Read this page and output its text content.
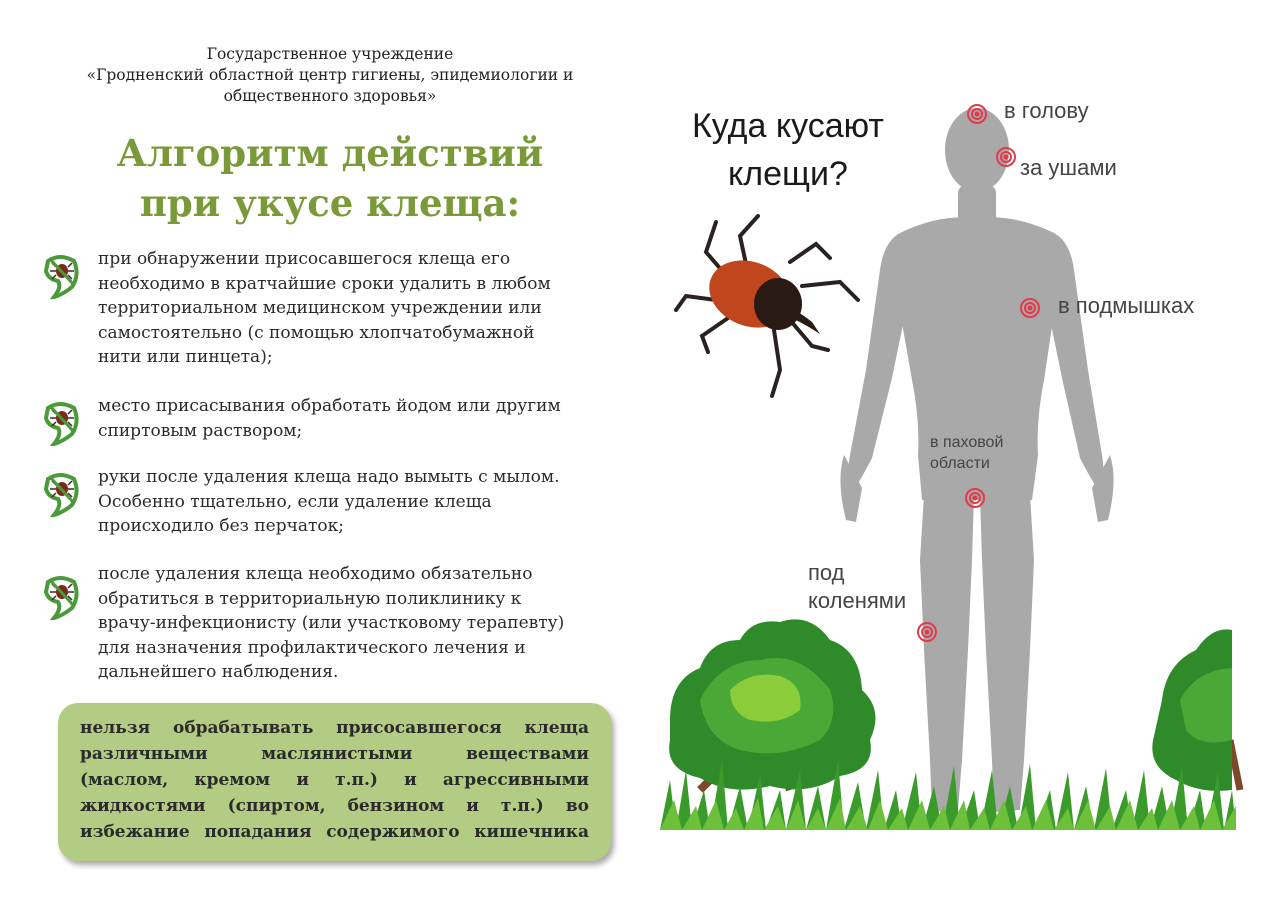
Государственное учреждение
«Гродненский областной центр гигиены, эпидемиологии и
общественного здоровья»
Алгоритм действий
при укусе клеща:
при обнаружении присосавшегося клеща его
необходимо в кратчайшие сроки удалить в любом
территориальном медицинском учреждении или
самостоятельно (с помощью хлопчатобумажной
нити или пинцета);
место присасывания обработать йодом или другим
спиртовым раствором;
руки после удаления клеща надо вымыть с мылом.
Особенно тщательно, если удаление клеща
происходило без перчаток;
после удаления клеща необходимо обязательно
обратиться в территориальную поликлинику к
врачу-инфекционисту (или участковому терапевту)
для назначения профилактического лечения и
дальнейшего наблюдения.
нельзя обрабатывать присосавшегося клеща
различными маслянистыми веществами
(маслом, кремом и т.п.) и агрессивными
жидкостями (спиртом, бензином и т.п.) во
избежание попадания содержимого кишечника
Куда кусают
клещи?
в голову
за ушами
в подмышках
в паховой
области
под
коленями
